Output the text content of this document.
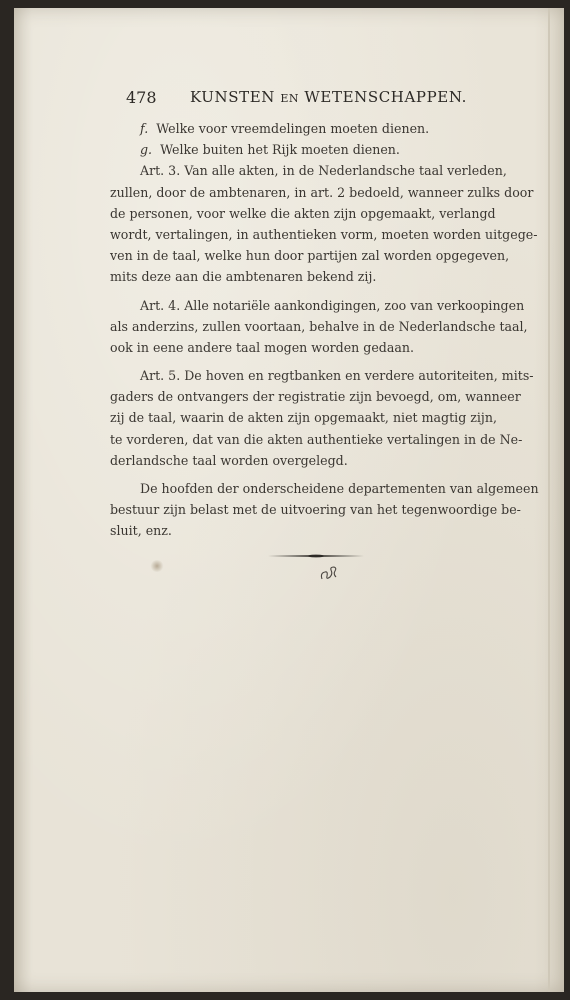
478 KUNSTEN EN WETENSCHAPPEN.
f. Welke voor vreemdelingen moeten dienen.
g. Welke buiten het Rijk moeten dienen.
Art. 3. Van alle akten, in de Nederlandsche taal verleden,
zullen, door de ambtenaren, in art. 2 bedoeld, wanneer zulks door
de personen, voor welke die akten zijn opgemaakt, verlangd
wordt, vertalingen, in authentieken vorm, moeten worden uitgege-
ven in de taal, welke hun door partijen zal worden opgegeven,
mits deze aan die ambtenaren bekend zij.
Art. 4. Alle notariële aankondigingen, zoo van verkoopingen
als anderzins, zullen voortaan, behalve in de Nederlandsche taal,
ook in eene andere taal mogen worden gedaan.
Art. 5. De hoven en regtbanken en verdere autoriteiten, mits-
gaders de ontvangers der registratie zijn bevoegd, om, wanneer
zij de taal, waarin de akten zijn opgemaakt, niet magtig zijn,
te vorderen, dat van die akten authentieke vertalingen in de Ne-
derlandsche taal worden overgelegd.
De hoofden der onderscheidene departementen van algemeen
bestuur zijn belast met de uitvoering van het tegenwoordige be-
sluit, enz.
